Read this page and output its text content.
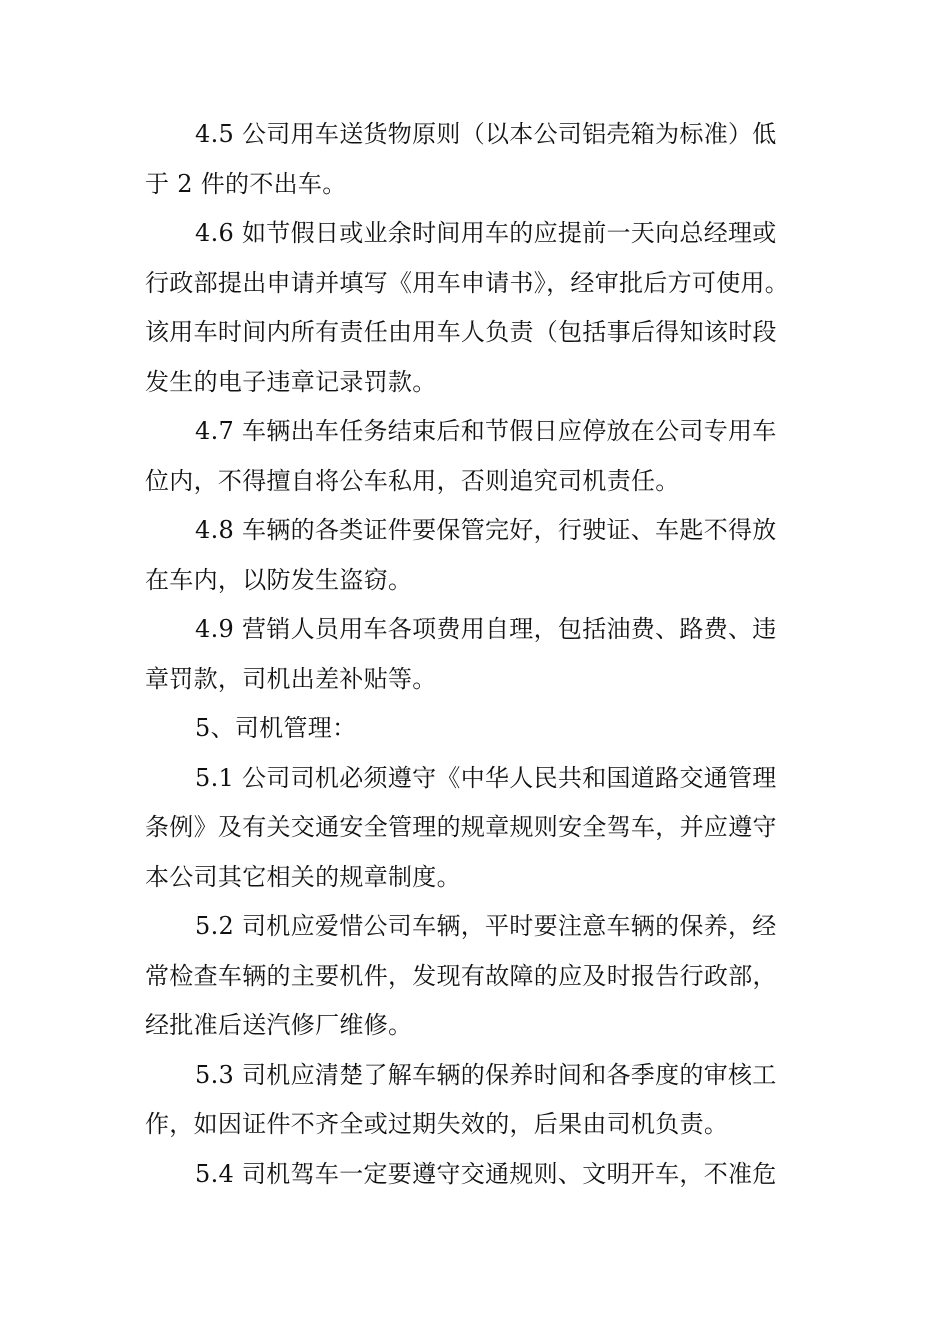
4.5 公司用车送货物原则（以本公司铝壳箱为标准）低
于 2 件的不出车。
4.6 如节假日或业余时间用车的应提前一天向总经理或
行政部提出申请并填写《用车申请书》，经审批后方可使用。
该用车时间内所有责任由用车人负责（包括事后得知该时段
发生的电子违章记录罚款。
4.7 车辆出车任务结束后和节假日应停放在公司专用车
位内，不得擅自将公车私用，否则追究司机责任。
4.8 车辆的各类证件要保管完好，行驶证、车匙不得放
在车内，以防发生盗窃。
4.9 营销人员用车各项费用自理，包括油费、路费、违
章罚款，司机出差补贴等。
5、司机管理：
5.1 公司司机必须遵守《中华人民共和国道路交通管理
条例》及有关交通安全管理的规章规则安全驾车，并应遵守
本公司其它相关的规章制度。
5.2 司机应爱惜公司车辆，平时要注意车辆的保养，经
常检查车辆的主要机件，发现有故障的应及时报告行政部，
经批准后送汽修厂维修。
5.3 司机应清楚了解车辆的保养时间和各季度的审核工
作，如因证件不齐全或过期失效的，后果由司机负责。
5.4 司机驾车一定要遵守交通规则、文明开车，不准危
